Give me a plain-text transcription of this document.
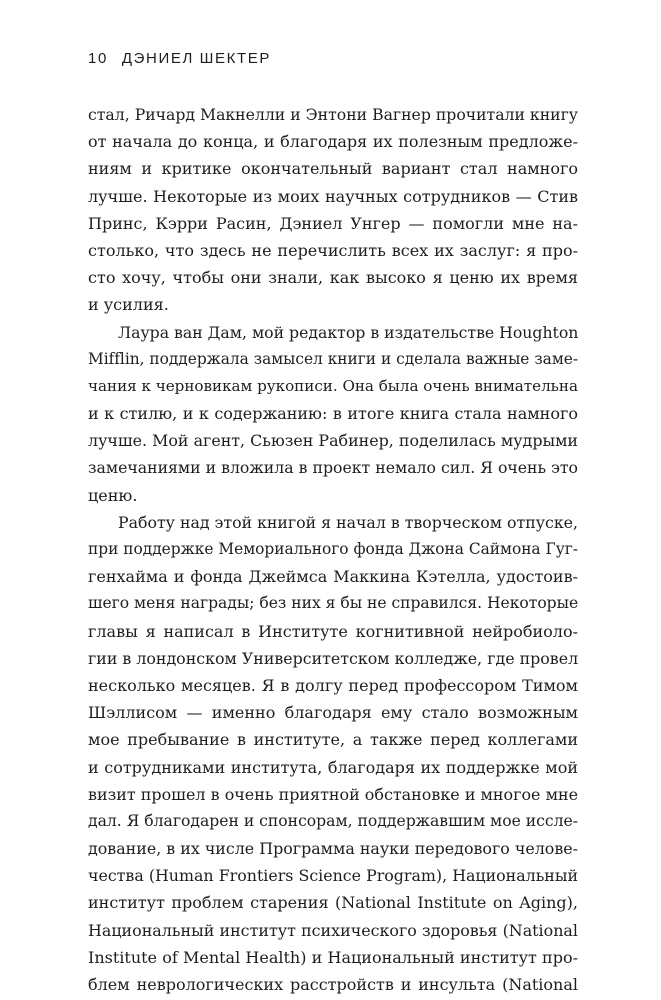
10 ДЭНИЕЛ ШЕКТЕР
стал, Ричард Макнелли и Энтони Вагнер прочитали книгу
от начала до конца, и благодаря их полезным предложе-
ниям и критике окончательный вариант стал намного
лучше. Некоторые из моих научных сотрудников — Стив
Принс, Кэрри Расин, Дэниел Унгер — помогли мне на-
столько, что здесь не перечислить всех их заслуг: я про-
сто хочу, чтобы они знали, как высоко я ценю их время
и усилия.
Лаура ван Дам, мой редактор в издательстве Houghton
Mifflin, поддержала замысел книги и сделала важные заме-
чания к черновикам рукописи. Она была очень внимательна
и к стилю, и к содержанию: в итоге книга стала намного
лучше. Мой агент, Сьюзен Рабинер, поделилась мудрыми
замечаниями и вложила в проект немало сил. Я очень это
ценю.
Работу над этой книгой я начал в творческом отпуске,
при поддержке Мемориального фонда Джона Саймона Гуг-
генхайма и фонда Джеймса Маккина Кэтелла, удостоив-
шего меня награды; без них я бы не справился. Некоторые
главы я написал в Институте когнитивной нейробиоло-
гии в лондонском Университетском колледже, где провел
несколько месяцев. Я в долгу перед профессором Тимом
Шэллисом — именно благодаря ему стало возможным
мое пребывание в институте, а также перед коллегами
и сотрудниками института, благодаря их поддержке мой
визит прошел в очень приятной обстановке и многое мне
дал. Я благодарен и спонсорам, поддержавшим мое иссле-
дование, в их числе Программа науки передового челове-
чества (Human Frontiers Science Program), Национальный
институт проблем старения (National Institute on Aging),
Национальный институт психического здоровья (National
Institute of Mental Health) и Национальный институт про-
блем неврологических расстройств и инсульта (National
